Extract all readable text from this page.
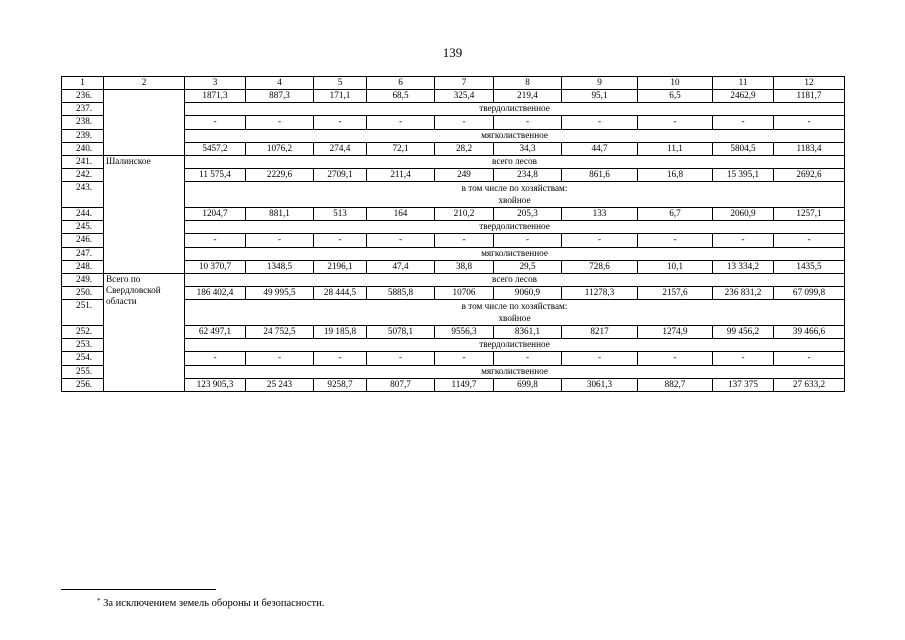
139
1	2	3	4	5	6	7	8	9	10	11	12
236.		1871,3	887,3	171,1	68,5	325,4	219,4	95,1	6,5	2462,9	1181,7
237.		твердолиственное									
238.		-	-	-	-	-	-	-	-	-	-
239.		мягколиственное									
240.		5457,2	1076,2	274,4	72,1	28,2	34,3	44,7	11,1	5804,5	1183,4
241.	Шалинское	всего лесов									
242.		11 575,4	2229,6	2709,1	211,4	249	234,8	861,6	16,8	15 395,1	2692,6
243.		в том числе по хозяйствам:
хвойное									

244.		1204,7	881,1	513	164	210,2	205,3	133	6,7	2060,9	1257,1
245.		твердолиственное									
246.		-	-	-	-	-	-	-	-	-	-
247.		мягколиственное									
248.		10 370,7	1348,5	2196,1	47,4	38,8	29,5	728,6	10,1	13 334,2	1435,5
249.	Всего по Свердловской области	всего лесов									
250.		186 402,4	49 995,5	28 444,5	5885,8	10706	9060,9	11278,3	2157,6	236 831,2	67 099,8
251.		в том числе по хозяйствам:
хвойное									

252.		62 497,1	24 752,5	19 185,8	5078,1	9556,3	8361,1	8217	1274,9	99 456,2	39 466,6
253.		твердолиственное									
254.		-	-	-	-	-	-	-	-	-	-
255.		мягколиственное									
256.		123 905,3	25 243	9258,7	807,7	1149,7	699,8	3061,3	882,7	137 375	27 633,2
* За исключением земель обороны и безопасности.
